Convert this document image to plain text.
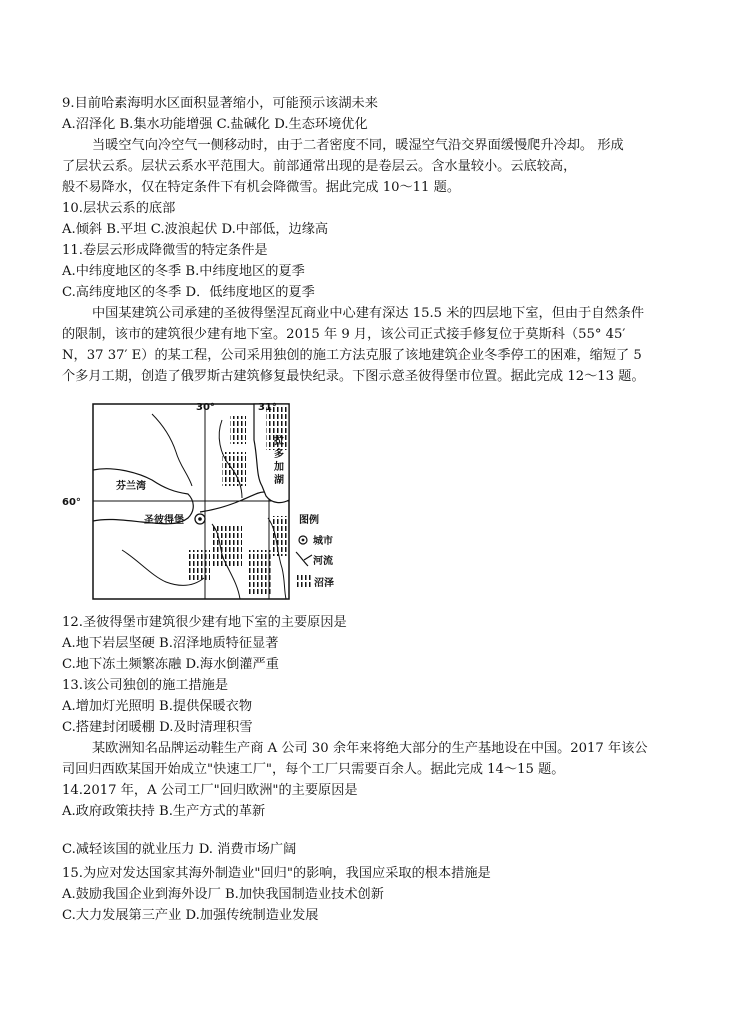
9.目前哈素海明水区面积显著缩小，可能预示该湖未来
A.沼泽化 B.集水功能增强 C.盐碱化 D.生态环境优化
当暖空气向冷空气一侧移动时，由于二者密度不同，暖湿空气沿交界面缓慢爬升冷却。 形成
了层状云系。层状云系水平范围大。前部通常出现的是卷层云。含水量较小。云底较高，
般不易降水，仅在特定条件下有机会降微雪。据此完成 10～11 题。
10.层状云系的底部
A.倾斜 B.平坦 C.波浪起伏 D.中部低，边缘高
11.卷层云形成降微雪的特定条件是
A.中纬度地区的冬季 B.中纬度地区的夏季
C.高纬度地区的冬季 D．低纬度地区的夏季
中国某建筑公司承建的圣彼得堡涅瓦商业中心建有深达 15.5 米的四层地下室，但由于自然条件
的限制，该市的建筑很少建有地下室。2015 年 9 月，该公司正式接手修复位于莫斯科（55° 45′
N，37 37′ E）的某工程，公司采用独创的施工方法克服了该地建筑企业冬季停工的困难，缩短了 5
个多月工期，创造了俄罗斯古建筑修复最快纪录。下图示意圣彼得堡市位置。据此完成 12～13 题。
30°	31°
60°
芬兰湾
圣彼得堡
拉
多
加
湖
图例
城市
河流
沼泽
12.圣彼得堡市建筑很少建有地下室的主要原因是
A.地下岩层坚硬 B.沼泽地质特征显著
C.地下冻土频繁冻融 D.海水倒灌严重
13.该公司独创的施工措施是
A.增加灯光照明 B.提供保暖衣物
C.搭建封闭暖棚 D.及时清理积雪
某欧洲知名品牌运动鞋生产商 A 公司 30 余年来将绝大部分的生产基地设在中国。2017 年该公
司回归西欧某国开始成立"快速工厂"，每个工厂只需要百余人。据此完成 14～15 题。
14.2017 年，A 公司工厂"回归欧洲"的主要原因是
A.政府政策扶持 B.生产方式的革新
C.减轻该国的就业压力 D. 消费市场广阔
15.为应对发达国家其海外制造业"回归"的影响，我国应采取的根本措施是
A.鼓励我国企业到海外设厂 B.加快我国制造业技术创新
C.大力发展第三产业 D.加强传统制造业发展
